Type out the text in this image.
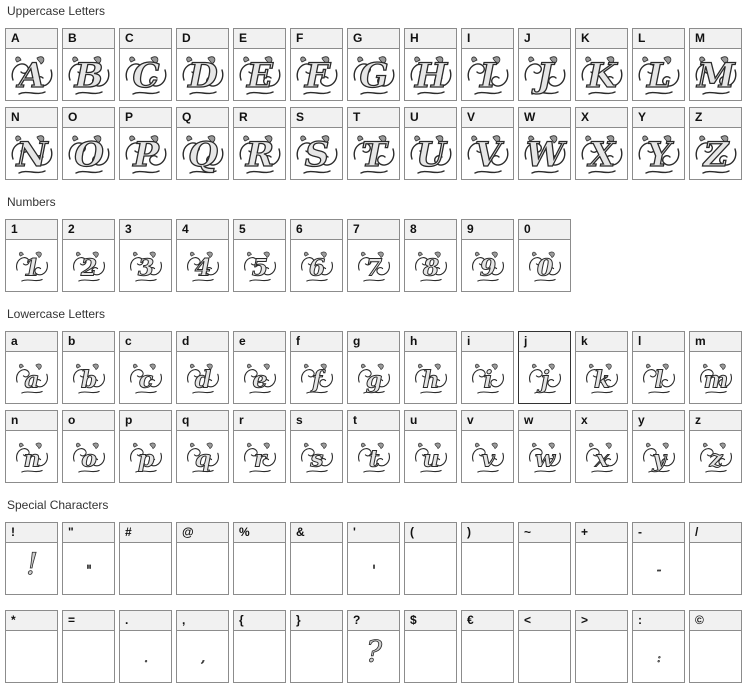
Uppercase Letters
A
A
B
B
C
C
D
D
E
E
F
F
G
G
H
H
I
I
J
J
K
K
L
L
M
M
N
N
O
O
P
P
Q
Q
R
R
S
S
T
T
U
U
V
V
W
W
X
X
Y
Y
Z
Z
Numbers
1
1
2
2
3
3
4
4
5
5
6
6
7
7
8
8
9
9
0
0
Lowercase Letters
a
a
b
b
c
c
d
d
e
e
f
f
g
g
h
h
i
i
j
j
k
k
l
l
m
m
n
n
o
o
p
p
q
q
r
r
s
s
t
t
u
u
v
v
w
w
x
x
y
y
z
z
Special Characters
!
!
"
"
#	@	%	&	'
'
(	)	~	+	-
-
/
*	=	.
.
,
,
{	}	?
?
$	€	<	>	:
:
©
